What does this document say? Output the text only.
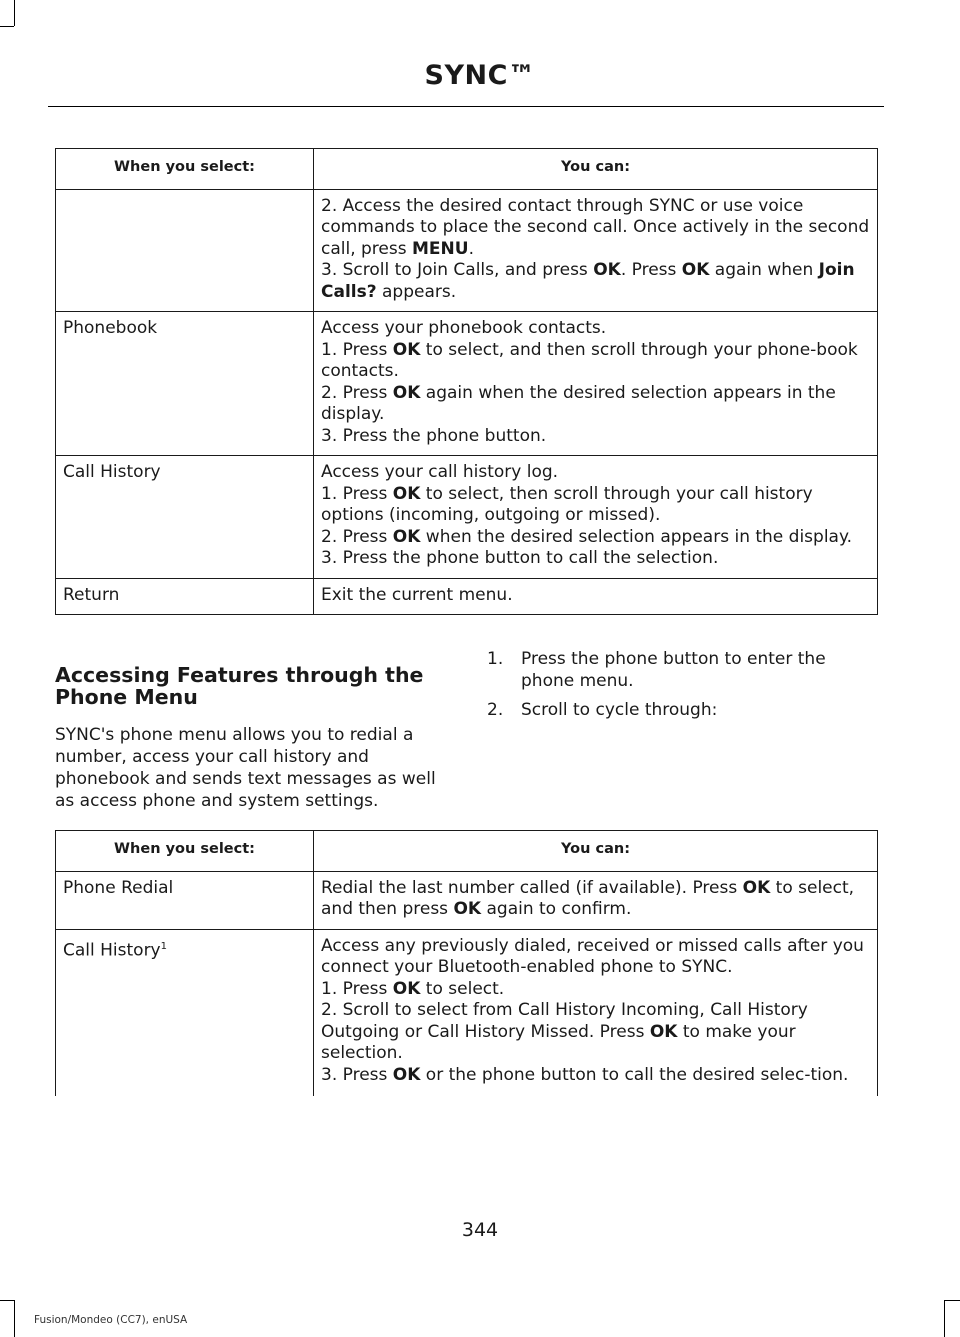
SYNC™
When you select:	You can:

	2. Access the desired contact through SYNC or use voice commands to place the second call. Once actively in the second call, press MENU.
3. Scroll to Join Calls, and press OK. Press OK again when Join Calls? appears.

Phonebook	Access your phonebook contacts.
1. Press OK to select, and then scroll through your phone-book contacts.
2. Press OK again when the desired selection appears in the display.
3. Press the phone button.

Call History	Access your call history log.
1. Press OK to select, then scroll through your call history options (incoming, outgoing or missed).
2. Press OK when the desired selection appears in the display.
3. Press the phone button to call the selection.

Return	Exit the current menu.
Accessing Features through the Phone Menu
SYNC's phone menu allows you to redial a number, access your call history and phonebook and sends text messages as well as access phone and system settings.
1.	Press the phone button to enter the phone menu.
2.	Scroll to cycle through:
When you select:	You can:
Phone Redial	Redial the last number called (if available). Press OK to select, and then press OK again to confirm.

Call History$^1$	Access any previously dialed, received or missed calls after you connect your Bluetooth-enabled phone to SYNC.
1. Press OK to select.
2. Scroll to select from Call History Incoming, Call History Outgoing or Call History Missed. Press OK to make your selection.
3. Press OK or the phone button to call the desired selec-tion.
344
Fusion/Mondeo (CC7), enUSA
